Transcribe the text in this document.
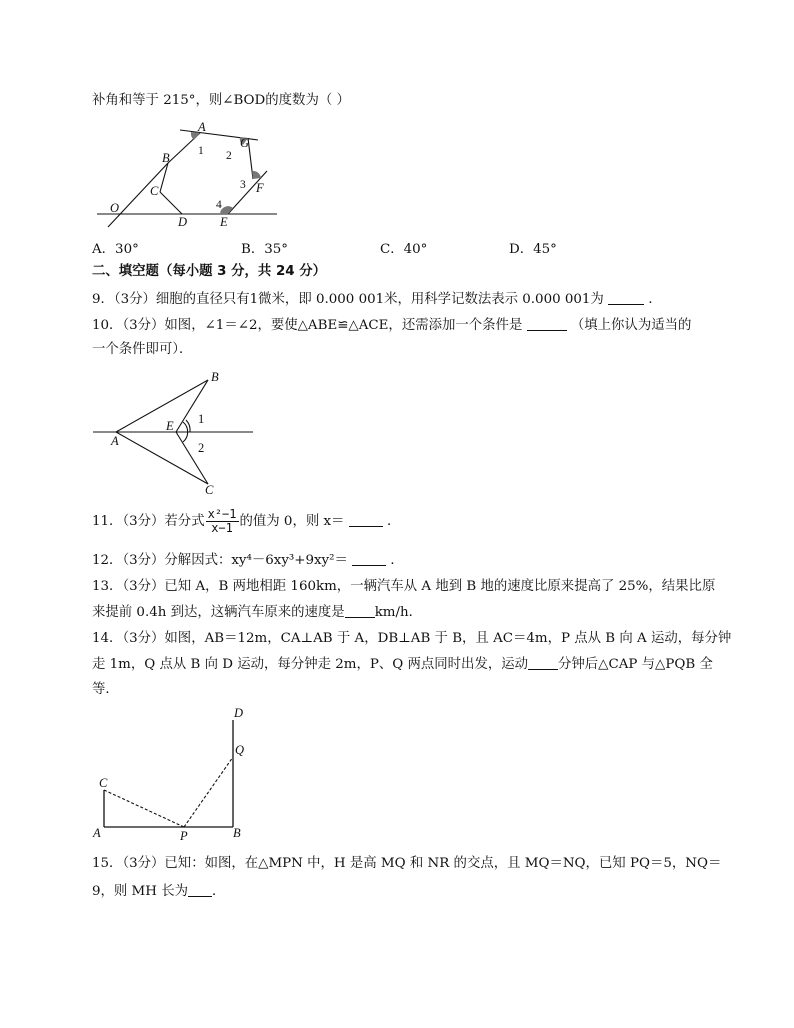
补角和等于 215°，则∠BOD的度数为（ ）
A
B
G
C	F
O
D	E
1 2
3
4
A．30°	B．35°	C．40°	D．45°
二、填空题（每小题 3 分，共 24 分）
9．（3分）细胞的直径只有1微米，即 0.000 001米，用科学记数法表示 0.000 001为	．
10．（3分）如图，∠1＝∠2，要使△ABE≌△ACE，还需添加一个条件是	（填上你认为适当的
一个条件即可）．
B
E 1
A	2
C
11．（3分）若分式 $\frac{\text{x²−1}}{x-1}$ 的值为 0，则 x＝	．
12．（3分）分解因式：xy⁴－6xy³+9xy²＝	．
13．（3分）已知 A，B 两地相距 160km，一辆汽车从 A 地到 B 地的速度比原来提高了 25%，结果比原
来提前 0.4h 到达，这辆汽车原来的速度是 km/h．
14．（3分）如图，AB＝12m，CA⊥AB 于 A，DB⊥AB 于 B，且 AC＝4m，P 点从 B 向 A 运动，每分钟
走 1m，Q 点从 B 向 D 运动，每分钟走 2m，P、Q 两点同时出发，运动 分钟后△CAP 与△PQB 全
等．
D
Q
C
A	P	B
15．（3分）已知：如图，在△MPN 中，H 是高 MQ 和 NR 的交点，且 MQ＝NQ，已知 PQ＝5，NQ＝
9，则 MH 长为 ．
